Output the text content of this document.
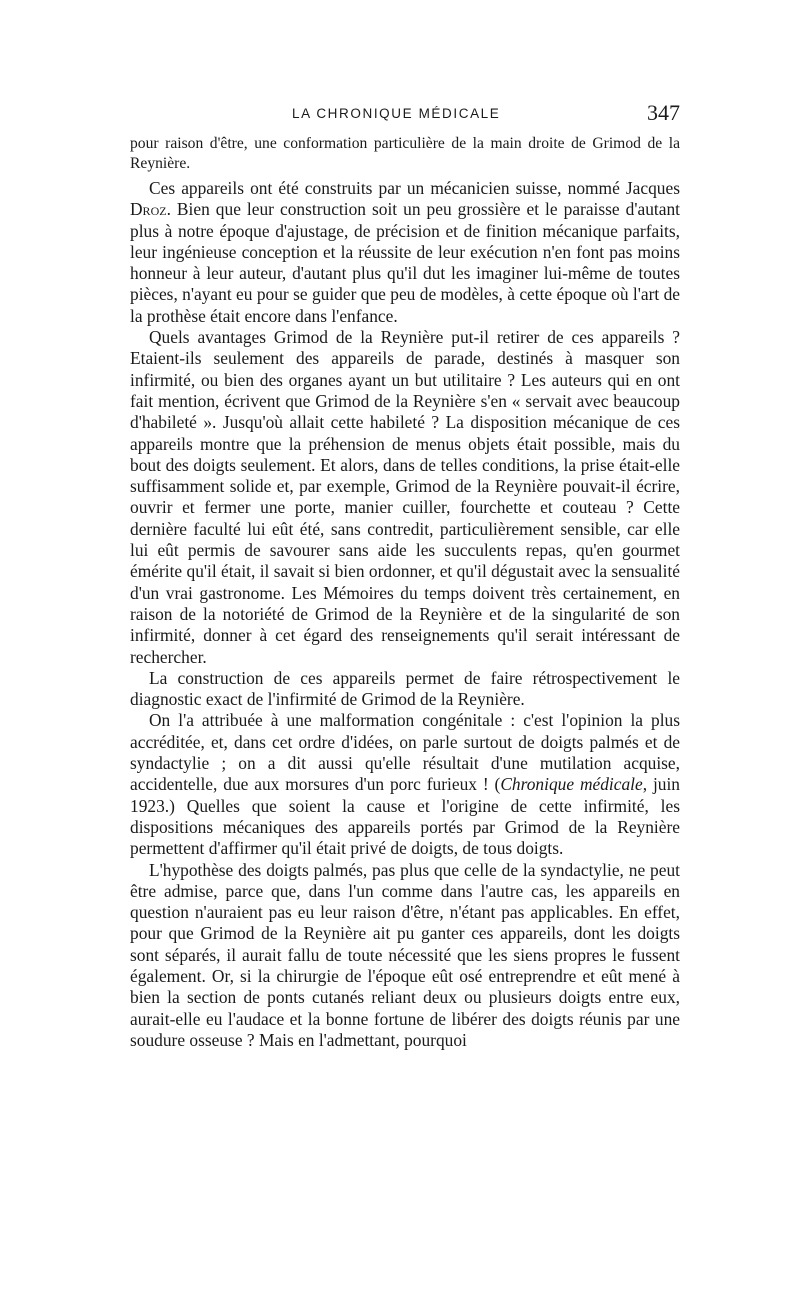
LA CHRONIQUE MÉDICALE	347

pour raison d'être, une conformation particulière de la main droite de Grimod de la Reynière.

Ces appareils ont été construits par un mécanicien suisse, nommé Jacques Droz. Bien que leur construction soit un peu grossière et le paraisse d'autant plus à notre époque d'ajustage, de précision et de finition mécanique parfaits, leur ingénieuse conception et la réussite de leur exécution n'en font pas moins honneur à leur auteur, d'autant plus qu'il dut les imaginer lui-même de toutes pièces, n'ayant eu pour se guider que peu de modèles, à cette époque où l'art de la prothèse était encore dans l'enfance.

Quels avantages Grimod de la Reynière put-il retirer de ces appareils ? Etaient-ils seulement des appareils de parade, destinés à masquer son infirmité, ou bien des organes ayant un but utilitaire ? Les auteurs qui en ont fait mention, écrivent que Grimod de la Reynière s'en « servait avec beaucoup d'habileté ». Jusqu'où allait cette habileté ? La disposition mécanique de ces appareils montre que la préhension de menus objets était possible, mais du bout des doigts seulement. Et alors, dans de telles conditions, la prise était-elle suffisamment solide et, par exemple, Grimod de la Reynière pouvait-il écrire, ouvrir et fermer une porte, manier cuiller, fourchette et couteau ? Cette dernière faculté lui eût été, sans contredit, particulièrement sensible, car elle lui eût permis de savourer sans aide les succulents repas, qu'en gourmet émérite qu'il était, il savait si bien ordonner, et qu'il dégustait avec la sensualité d'un vrai gastronome. Les Mémoires du temps doivent très certainement, en raison de la notoriété de Grimod de la Reynière et de la singularité de son infirmité, donner à cet égard des renseignements qu'il serait intéressant de rechercher.

La construction de ces appareils permet de faire rétrospectivement le diagnostic exact de l'infirmité de Grimod de la Reynière.

On l'a attribuée à une malformation congénitale : c'est l'opinion la plus accréditée, et, dans cet ordre d'idées, on parle surtout de doigts palmés et de syndactylie ; on a dit aussi qu'elle résultait d'une mutilation acquise, accidentelle, due aux morsures d'un porc furieux ! (Chronique médicale, juin 1923.) Quelles que soient la cause et l'origine de cette infirmité, les dispositions mécaniques des appareils portés par Grimod de la Reynière permettent d'affirmer qu'il était privé de doigts, de tous doigts.

L'hypothèse des doigts palmés, pas plus que celle de la syndactylie, ne peut être admise, parce que, dans l'un comme dans l'autre cas, les appareils en question n'auraient pas eu leur raison d'être, n'étant pas applicables. En effet, pour que Grimod de la Reynière ait pu ganter ces appareils, dont les doigts sont séparés, il aurait fallu de toute nécessité que les siens propres le fussent également. Or, si la chirurgie de l'époque eût osé entreprendre et eût mené à bien la section de ponts cutanés reliant deux ou plusieurs doigts entre eux, aurait-elle eu l'audace et la bonne fortune de libérer des doigts réunis par une soudure osseuse ? Mais en l'admettant, pourquoi
